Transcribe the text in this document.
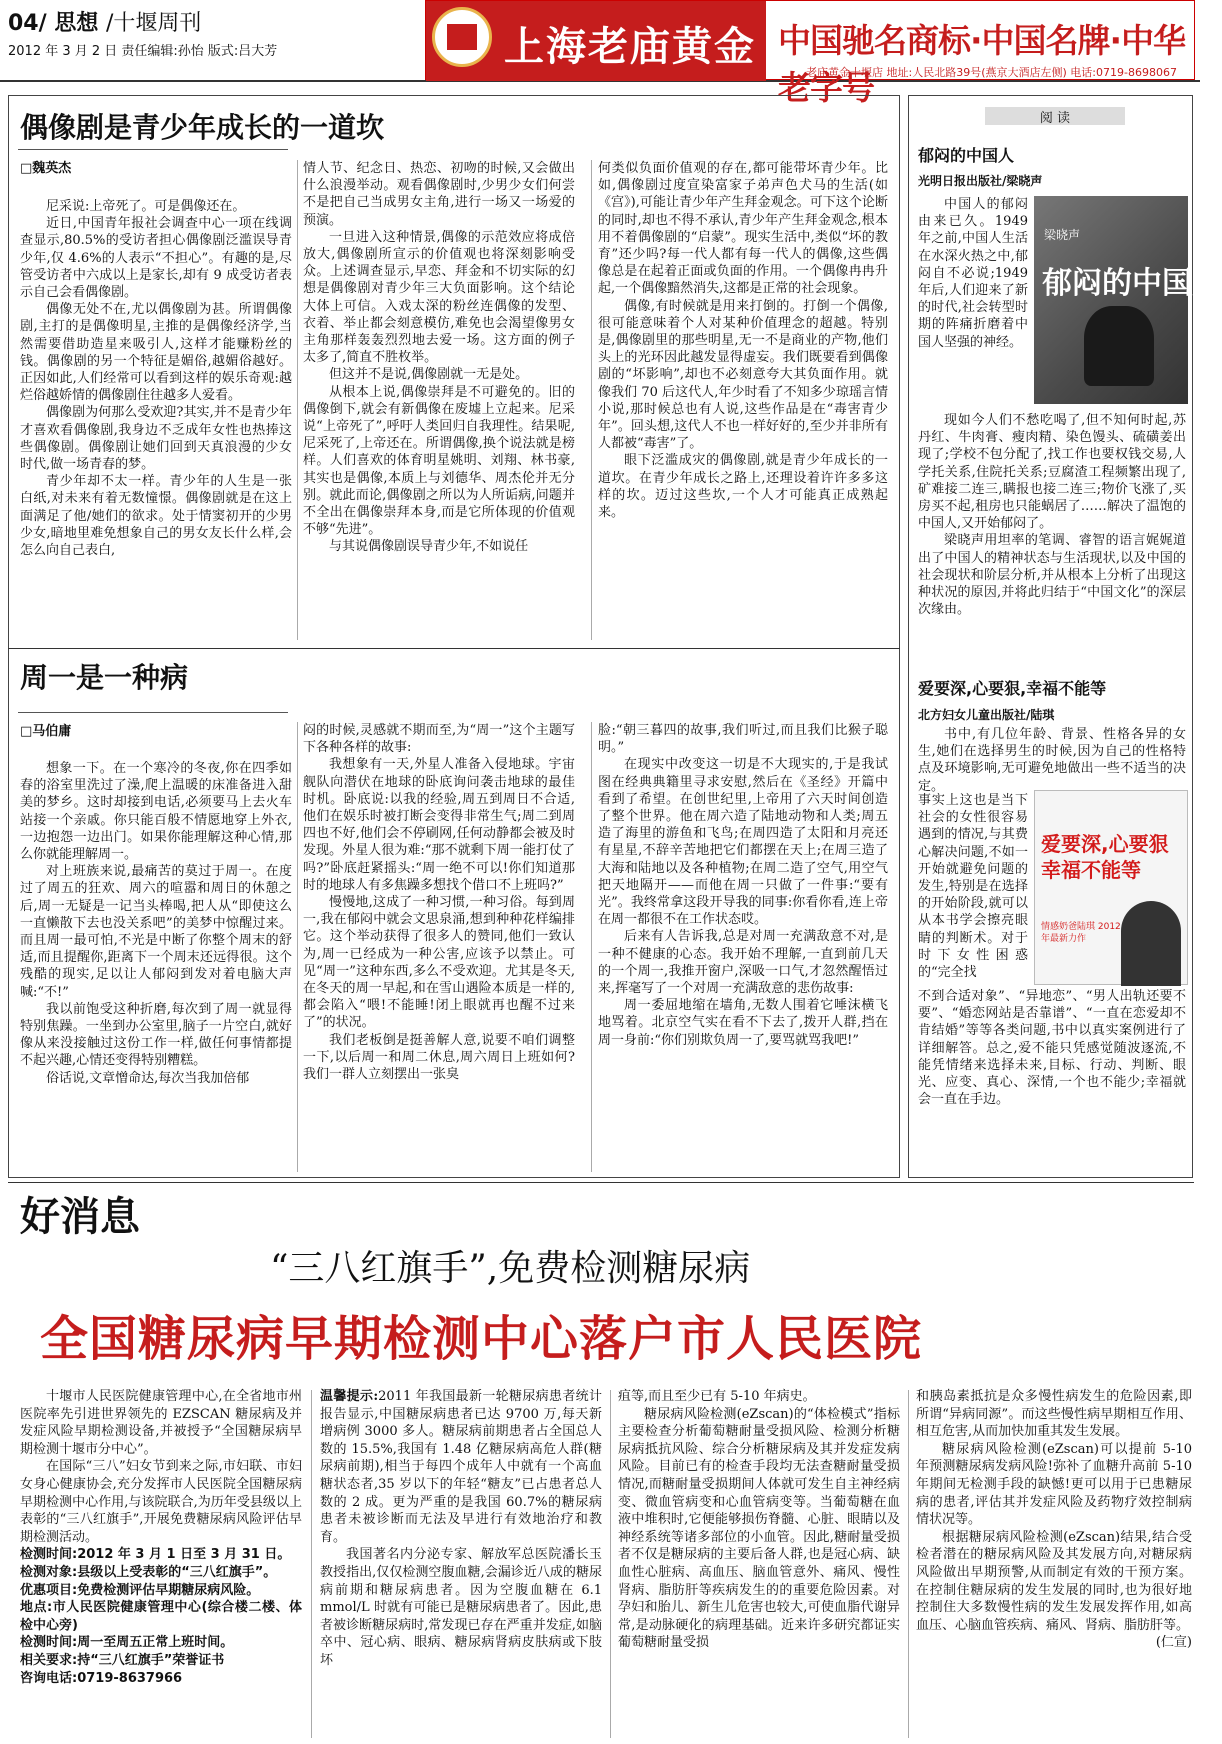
04/ 思想 /十堰周刊
2012 年 3 月 2 日 责任编辑:孙怡 版式:吕大芳	上海老庙黄金 中国驰名商标·中国名牌·中华老字号
老庙黄金十堰店 地址:人民北路39号(燕京大酒店左侧) 电话:0719-8698067
偶像剧是青少年成长的一道坎
□魏英杰

尼采说:上帝死了。可是偶像还在。

近日,中国青年报社会调查中心一项在线调查显示,80.5%的受访者担心偶像剧泛滥误导青少年,仅 4.6%的人表示“不担心”。有趣的是,尽管受访者中六成以上是家长,却有 9 成受访者表示自己会看偶像剧。

偶像无处不在,尤以偶像剧为甚。所谓偶像剧,主打的是偶像明星,主推的是偶像经济学,当然需要借助造星来吸引人,这样才能赚粉丝的钱。偶像剧的另一个特征是媚俗,越媚俗越好。正因如此,人们经常可以看到这样的娱乐奇观:越烂俗越娇情的偶像剧住往越多人爱看。

偶像剧为何那么受欢迎?其实,并不是青少年才喜欢看偶像剧,我身边不乏成年女性也热捧这些偶像剧。偶像剧让她们回到天真浪漫的少女时代,做一场青春的梦。

青少年却不太一样。青少年的人生是一张白纸,对未来有着无数憧憬。偶像剧就是在这上面满足了他/她们的欲求。处于情窦初开的少男少女,暗地里难免想象自己的男女友长什么样,会怎么向自己表白,

情人节、纪念日、热恋、初吻的时候,又会做出什么浪漫举动。观看偶像剧时,少男少女们何尝不是把自己当成男女主角,进行一场又一场爱的预演。

一旦进入这种情景,偶像的示范效应将成倍放大,偶像剧所宣示的价值观也将深刻影响受众。上述调查显示,早恋、拜金和不切实际的幻想是偶像剧对青少年三大负面影响。这个结论大体上可信。入戏太深的粉丝连偶像的发型、衣着、举止都会刻意模仿,难免也会渴望像男女主角那样轰轰烈烈地去爱一场。这方面的例子太多了,简直不胜枚举。

但这并不是说,偶像剧就一无是处。

从根本上说,偶像崇拜是不可避免的。旧的偶像倒下,就会有新偶像在废墟上立起来。尼采说“上帝死了”,呼吁人类回归自我理性。结果呢,尼采死了,上帝还在。所谓偶像,换个说法就是榜样。人们喜欢的体育明星姚明、刘翔、林书豪,其实也是偶像,本质上与刘德华、周杰伦并无分别。就此而论,偶像剧之所以为人所诟病,问题并不全出在偶像崇拜本身,而是它所体现的价值观不够“先进”。

与其说偶像剧误导青少年,不如说任

何类似负面价值观的存在,都可能带坏青少年。比如,偶像剧过度宣染富家子弟声色犬马的生活(如《宫》),可能让青少年产生拜金观念。可下这个论断的同时,却也不得不承认,青少年产生拜金观念,根本用不着偶像剧的“启蒙”。现实生活中,类似“坏的教育”还少吗?每一代人都有每一代人的偶像,这些偶像总是在起着正面或负面的作用。一个偶像冉冉升起,一个偶像黯然消失,这都是正常的社会现象。

偶像,有时候就是用来打倒的。打倒一个偶像,很可能意味着个人对某种价值理念的超越。特别是,偶像剧里的那些明星,无一不是商业的产物,他们头上的光环因此越发显得虚妄。我们既要看到偶像剧的“坏影响”,却也不必刻意夸大其负面作用。就像我们 70 后这代人,年少时看了不知多少琼瑶言情小说,那时候总也有人说,这些作品是在“毒害青少年”。回头想,这代人不也一样好好的,至少并非所有人都被“毒害”了。

眼下泛滥成灾的偶像剧,就是青少年成长的一道坎。在青少年成长之路上,还理设着许许多多这样的坎。迈过这些坎,一个人才可能真正成熟起来。

周一是一种病
□马伯庸

想象一下。在一个寒冷的冬夜,你在四季如春的浴室里洗过了澡,爬上温暖的床准备进入甜美的梦乡。这时却接到电话,必须要马上去火车站接一个亲戚。你只能百般不情愿地穿上外衣,一边抱怨一边出门。如果你能理解这种心情,那么你就能理解周一。

对上班族来说,最痛苦的莫过于周一。在度过了周五的狂欢、周六的喧嚣和周日的休憩之后,周一无疑是一记当头棒喝,把人从“即使这么一直懒散下去也没关系吧”的美梦中惊醒过来。而且周一最可怕,不光是中断了你整个周末的舒适,而且提醒你,距离下一个周末还远得很。这个残酷的现实,足以让人郁闷到发对着电脑大声喊:“不!”

我以前饱受这种折磨,每次到了周一就显得特别焦躁。一坐到办公室里,脑子一片空白,就好像从来没接触过这份工作一样,做任何事情都提不起兴趣,心情还变得特别糟糕。

俗话说,文章憎命达,每次当我加倍郁

闷的时候,灵感就不期而至,为“周一”这个主题写下各种各样的故事:

我想象有一天,外星人准备入侵地球。宇宙舰队向潜伏在地球的卧底询问袭击地球的最佳时机。卧底说:以我的经验,周五到周日不合适,他们在娱乐时被打断会变得非常生气;周二到周四也不好,他们会不停刷网,任何动静都会被及时发现。外星人很为难:“那不就剩下周一能打仗了吗?”卧底赶紧摇头:“周一绝不可以!你们知道那时的地球人有多焦躁多想找个借口不上班吗?”

慢慢地,这成了一种习惯,一种习俗。每到周一,我在郁闷中就会文思泉涌,想到种种花样编排它。这个举动获得了很多人的赞同,他们一致认为,周一已经成为一种公害,应该予以禁止。可见“周一”这种东西,多么不受欢迎。尤其是冬天,在冬天的周一早起,和在雪山遇险本质是一样的,都会陷入“喂!不能睡!闭上眼就再也醒不过来了”的状况。

我们老板倒是挺善解人意,说要不咱们调整一下,以后周一和周二休息,周六周日上班如何?我们一群人立刻摆出一张臭

脸:“朝三暮四的故事,我们听过,而且我们比猴子聪明。”

在现实中改变这一切是不大现实的,于是我试图在经典典籍里寻求安慰,然后在《圣经》开篇中看到了希望。在创世纪里,上帝用了六天时间创造了整个世界。他在周六造了陆地动物和人类;周五造了海里的游鱼和飞鸟;在周四造了太阳和月亮还有星星,不辞辛苦地把它们都摆在天上;在周三造了大海和陆地以及各种植物;在周二造了空气,用空气把天地隔开——而他在周一只做了一件事:“要有光”。我终常拿这段开导我的同事:你看你看,连上帝在周一都很不在工作状态哎。

后来有人告诉我,总是对周一充满敌意不对,是一种不健康的心态。我开始不理解,一直到前几天的一个周一,我推开窗户,深吸一口气,才忽然醒悟过来,挥毫写了一个对周一充满敌意的悲伤故事:

周一委屈地缩在墙角,无数人围着它唾沫横飞地骂着。北京空气实在看不下去了,拨开人群,挡在周一身前:“你们别欺负周一了,要骂就骂我吧!”

阅 读
郁闷的中国人
光明日报出版社/梁晓声
梁晓声
郁闷的中国人
中国人的郁闷由来已久。1949 年之前,中国人生活在水深火热之中,郁闷自不必说;1949 年后,人们迎来了新的时代,社会转型时期的阵痛折磨着中国人坚强的神经。

现如今人们不愁吃喝了,但不知何时起,苏丹红、牛肉膏、瘦肉精、染色馒头、硫磺姜出现了;学校不包分配了,找工作也要权钱交易,人学托关系,住院托关系;豆腐渣工程频繁出现了,矿难接二连三,瞒报也接二连三;物价飞涨了,买房买不起,租房也只能蜗居了……解决了温饱的中国人,又开始郁闷了。

梁晓声用坦率的笔调、睿智的语言娓娓道出了中国人的精神状态与生活现状,以及中国的社会现状和阶层分析,并从根本上分析了出现这种状况的原因,并将此归结于“中国文化”的深层次缘由。

爱要深,心要狠,幸福不能等
北方妇女儿童出版社/陆琪
书中,有几位年龄、背景、性格各异的女生,她们在选择男生的时候,因为自己的性格特点及环境影响,无可避免地做出一些不适当的决定。
爱要深,心要狠 幸福不能等
情感奶爸陆琪 2012年最新力作
事实上这也是当下社会的女性很容易遇到的情况,与其费心解决问题,不如一开始就避免问题的发生,特别是在选择的开始阶段,就可以从本书学会擦亮眼睛的判断术。对于时下女性困惑的“完全找
不到合适对象”、“异地恋”、“男人出轨还要不要”、“婚恋网站是否靠谱”、“一直在恋爱却不肯结婚”等等各类问题,书中以真实案例进行了详细解答。总之,爱不能只凭感觉随波逐流,不能凭情绪来选择未来,目标、行动、判断、眼光、应变、真心、深情,一个也不能少;幸福就会一直在手边。
好消息
“三八红旗手”,免费检测糖尿病
全国糖尿病早期检测中心落户市人民医院

十堰市人民医院健康管理中心,在全省地市州医院率先引进世界领先的 EZSCAN 糖尿病及并发症风险早期检测设备,并被授予“全国糖尿病早期检测十堰市分中心”。

在国际“三八”妇女节到来之际,市妇联、市妇女身心健康协会,充分发挥市人民医院全国糖尿病早期检测中心作用,与该院联合,为历年受县级以上表彰的“三八红旗手”,开展免费糖尿病风险评估早期检测活动。

检测时间:2012 年 3 月 1 日至 3 月 31 日。

检测对象:县级以上受表彰的“三八红旗手”。

优惠项目:免费检测评估早期糖尿病风险。

地点:市人民医院健康管理中心(综合楼二楼、体检中心旁)

检测时间:周一至周五正常上班时间。

相关要求:持“三八红旗手”荣誉证书

咨询电话:0719-8637966

温馨提示:2011 年我国最新一轮糖尿病患者统计报告显示,中国糖尿病患者已达 9700 万,每天新增病例 3000 多人。糖尿病前期患者占全国总人数的 15.5%,我国有 1.48 亿糖尿病高危人群(糖尿病前期),相当于每四个成年人中就有一个高血糖状态者,35 岁以下的年轻“糖友”已占患者总人数的 2 成。更为严重的是我国 60.7%的糖尿病患者未被诊断而无法及早进行有效地治疗和教育。

我国著名内分泌专家、解放军总医院潘长玉教授指出,仅仅检测空腹血糖,会漏诊近八成的糖尿病前期和糖尿病患者。因为空腹血糖在 6.1 mmol/L 时就有可能已是糖尿病患者了。因此,患者被诊断糖尿病时,常发现已存在严重并发症,如脑卒中、冠心病、眼病、糖尿病肾病皮肤病或下肢坏

疽等,而且至少已有 5-10 年病史。

糖尿病风险检测(eZscan)的“体检模式”指标主要检查分析葡萄糖耐量受损风险、检测分析糖尿病抵抗风险、综合分析糖尿病及其并发症发病风险。目前已有的检查手段均无法查糖耐量受损情况,而糖耐量受损期间人体就可发生自主神经病变、微血管病变和心血管病变等。当葡萄糖在血液中堆积时,它便能够损伤脊髓、心脏、眼睛以及神经系统等诸多部位的小血管。因此,糖耐量受损者不仅是糖尿病的主要后备人群,也是冠心病、缺血性心脏病、高血压、脑血管意外、痛风、慢性肾病、脂肪肝等疾病发生的的重要危险因素。对孕妇和胎儿、新生儿危害也较大,可使血脂代谢异常,是动脉硬化的病理基础。近来许多研究都证实葡萄糖耐量受损

和胰岛素抵抗是众多慢性病发生的危险因素,即所谓“异病同源”。而这些慢性病早期相互作用、相互危害,从而加快加重其发生发展。

糖尿病风险检测(eZscan)可以提前 5-10 年预测糖尿病发病风险!弥补了血糖升高前 5-10 年期间无检测手段的缺憾!更可以用于已患糖尿病的患者,评估其并发症风险及药物疗效控制病情状况等。

根据糖尿病风险检测(eZscan)结果,结合受检者潜在的糖尿病风险及其发展方向,对糖尿病风险做出早期预警,从而制定有效的干预方案。在控制住糖尿病的发生发展的同时,也为很好地控制住大多数慢性病的发生发展发挥作用,如高血压、心脑血管疾病、痛风、肾病、脂肪肝等。

(仁宣)
